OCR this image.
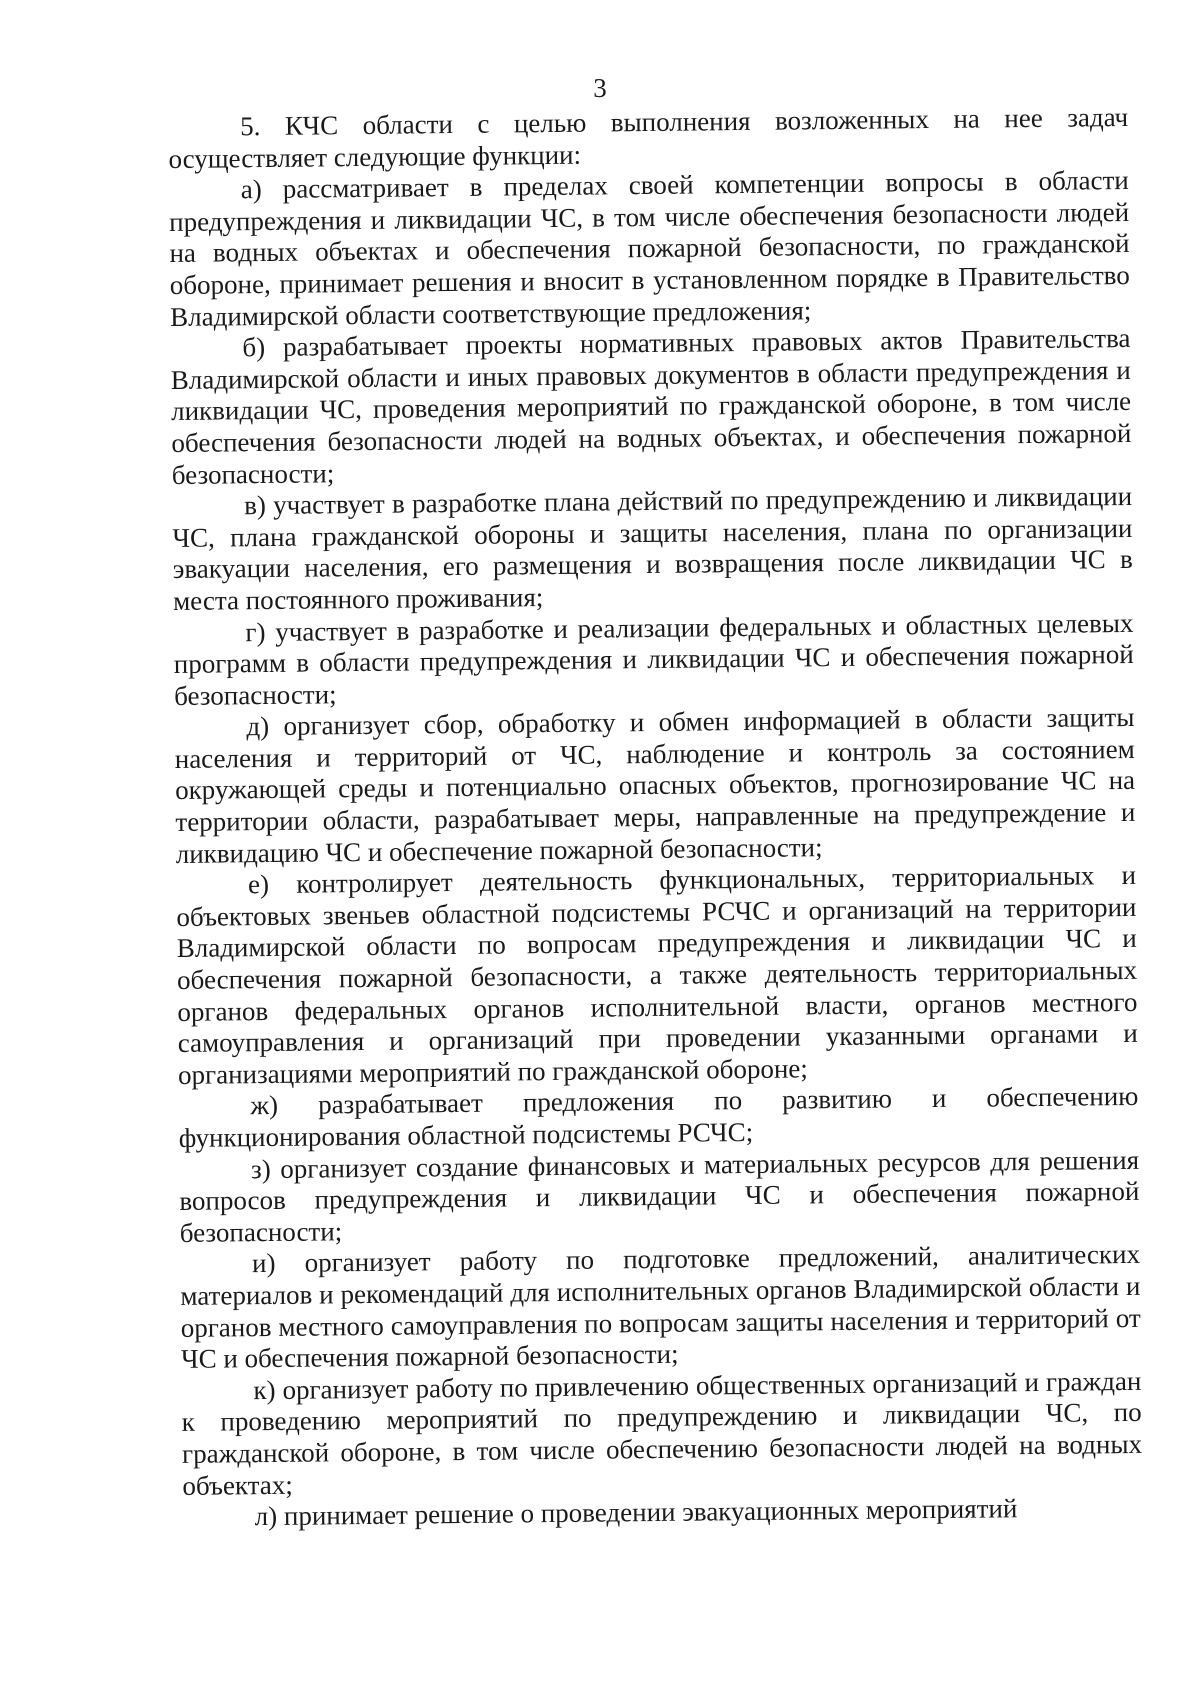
3

5. КЧС области с целью выполнения возложенных на нее задач осуществляет следующие функции:

а) рассматривает в пределах своей компетенции вопросы в области предупреждения и ликвидации ЧС, в том числе обеспечения безопасности людей на водных объектах и обеспечения пожарной безопасности, по гражданской обороне, принимает решения и вносит в установленном порядке в Правительство Владимирской области соответствующие предложения;

б) разрабатывает проекты нормативных правовых актов Правительства Владимирской области и иных правовых документов в области предупреждения и ликвидации ЧС, проведения мероприятий по гражданской обороне, в том числе обеспечения безопасности людей на водных объектах, и обеспечения пожарной безопасности;

в) участвует в разработке плана действий по предупреждению и ликвидации ЧС, плана гражданской обороны и защиты населения, плана по организации эвакуации населения, его размещения и возвращения после ликвидации ЧС в места постоянного проживания;

г) участвует в разработке и реализации федеральных и областных целевых программ в области предупреждения и ликвидации ЧС и обеспечения пожарной безопасности;

д) организует сбор, обработку и обмен информацией в области защиты населения и территорий от ЧС, наблюдение и контроль за состоянием окружающей среды и потенциально опасных объектов, прогнозирование ЧС на территории области, разрабатывает меры, направленные на предупреждение и ликвидацию ЧС и обеспечение пожарной безопасности;

е) контролирует деятельность функциональных, территориальных и объектовых звеньев областной подсистемы РСЧС и организаций на территории Владимирской области по вопросам предупреждения и ликвидации ЧС и обеспечения пожарной безопасности, а также деятельность территориальных органов федеральных органов исполнительной власти, органов местного самоуправления и организаций при проведении указанными органами и организациями мероприятий по гражданской обороне;

ж) разрабатывает предложения по развитию и обеспечению функционирования областной подсистемы РСЧС;

з) организует создание финансовых и материальных ресурсов для решения вопросов предупреждения и ликвидации ЧС и обеспечения пожарной безопасности;

и) организует работу по подготовке предложений, аналитических материалов и рекомендаций для исполнительных органов Владимирской области и органов местного самоуправления по вопросам защиты населения и территорий от ЧС и обеспечения пожарной безопасности;

к) организует работу по привлечению общественных организаций и граждан к проведению мероприятий по предупреждению и ликвидации ЧС, по гражданской обороне, в том числе обеспечению безопасности людей на водных объектах;

л) принимает решение о проведении эвакуационных мероприятий
